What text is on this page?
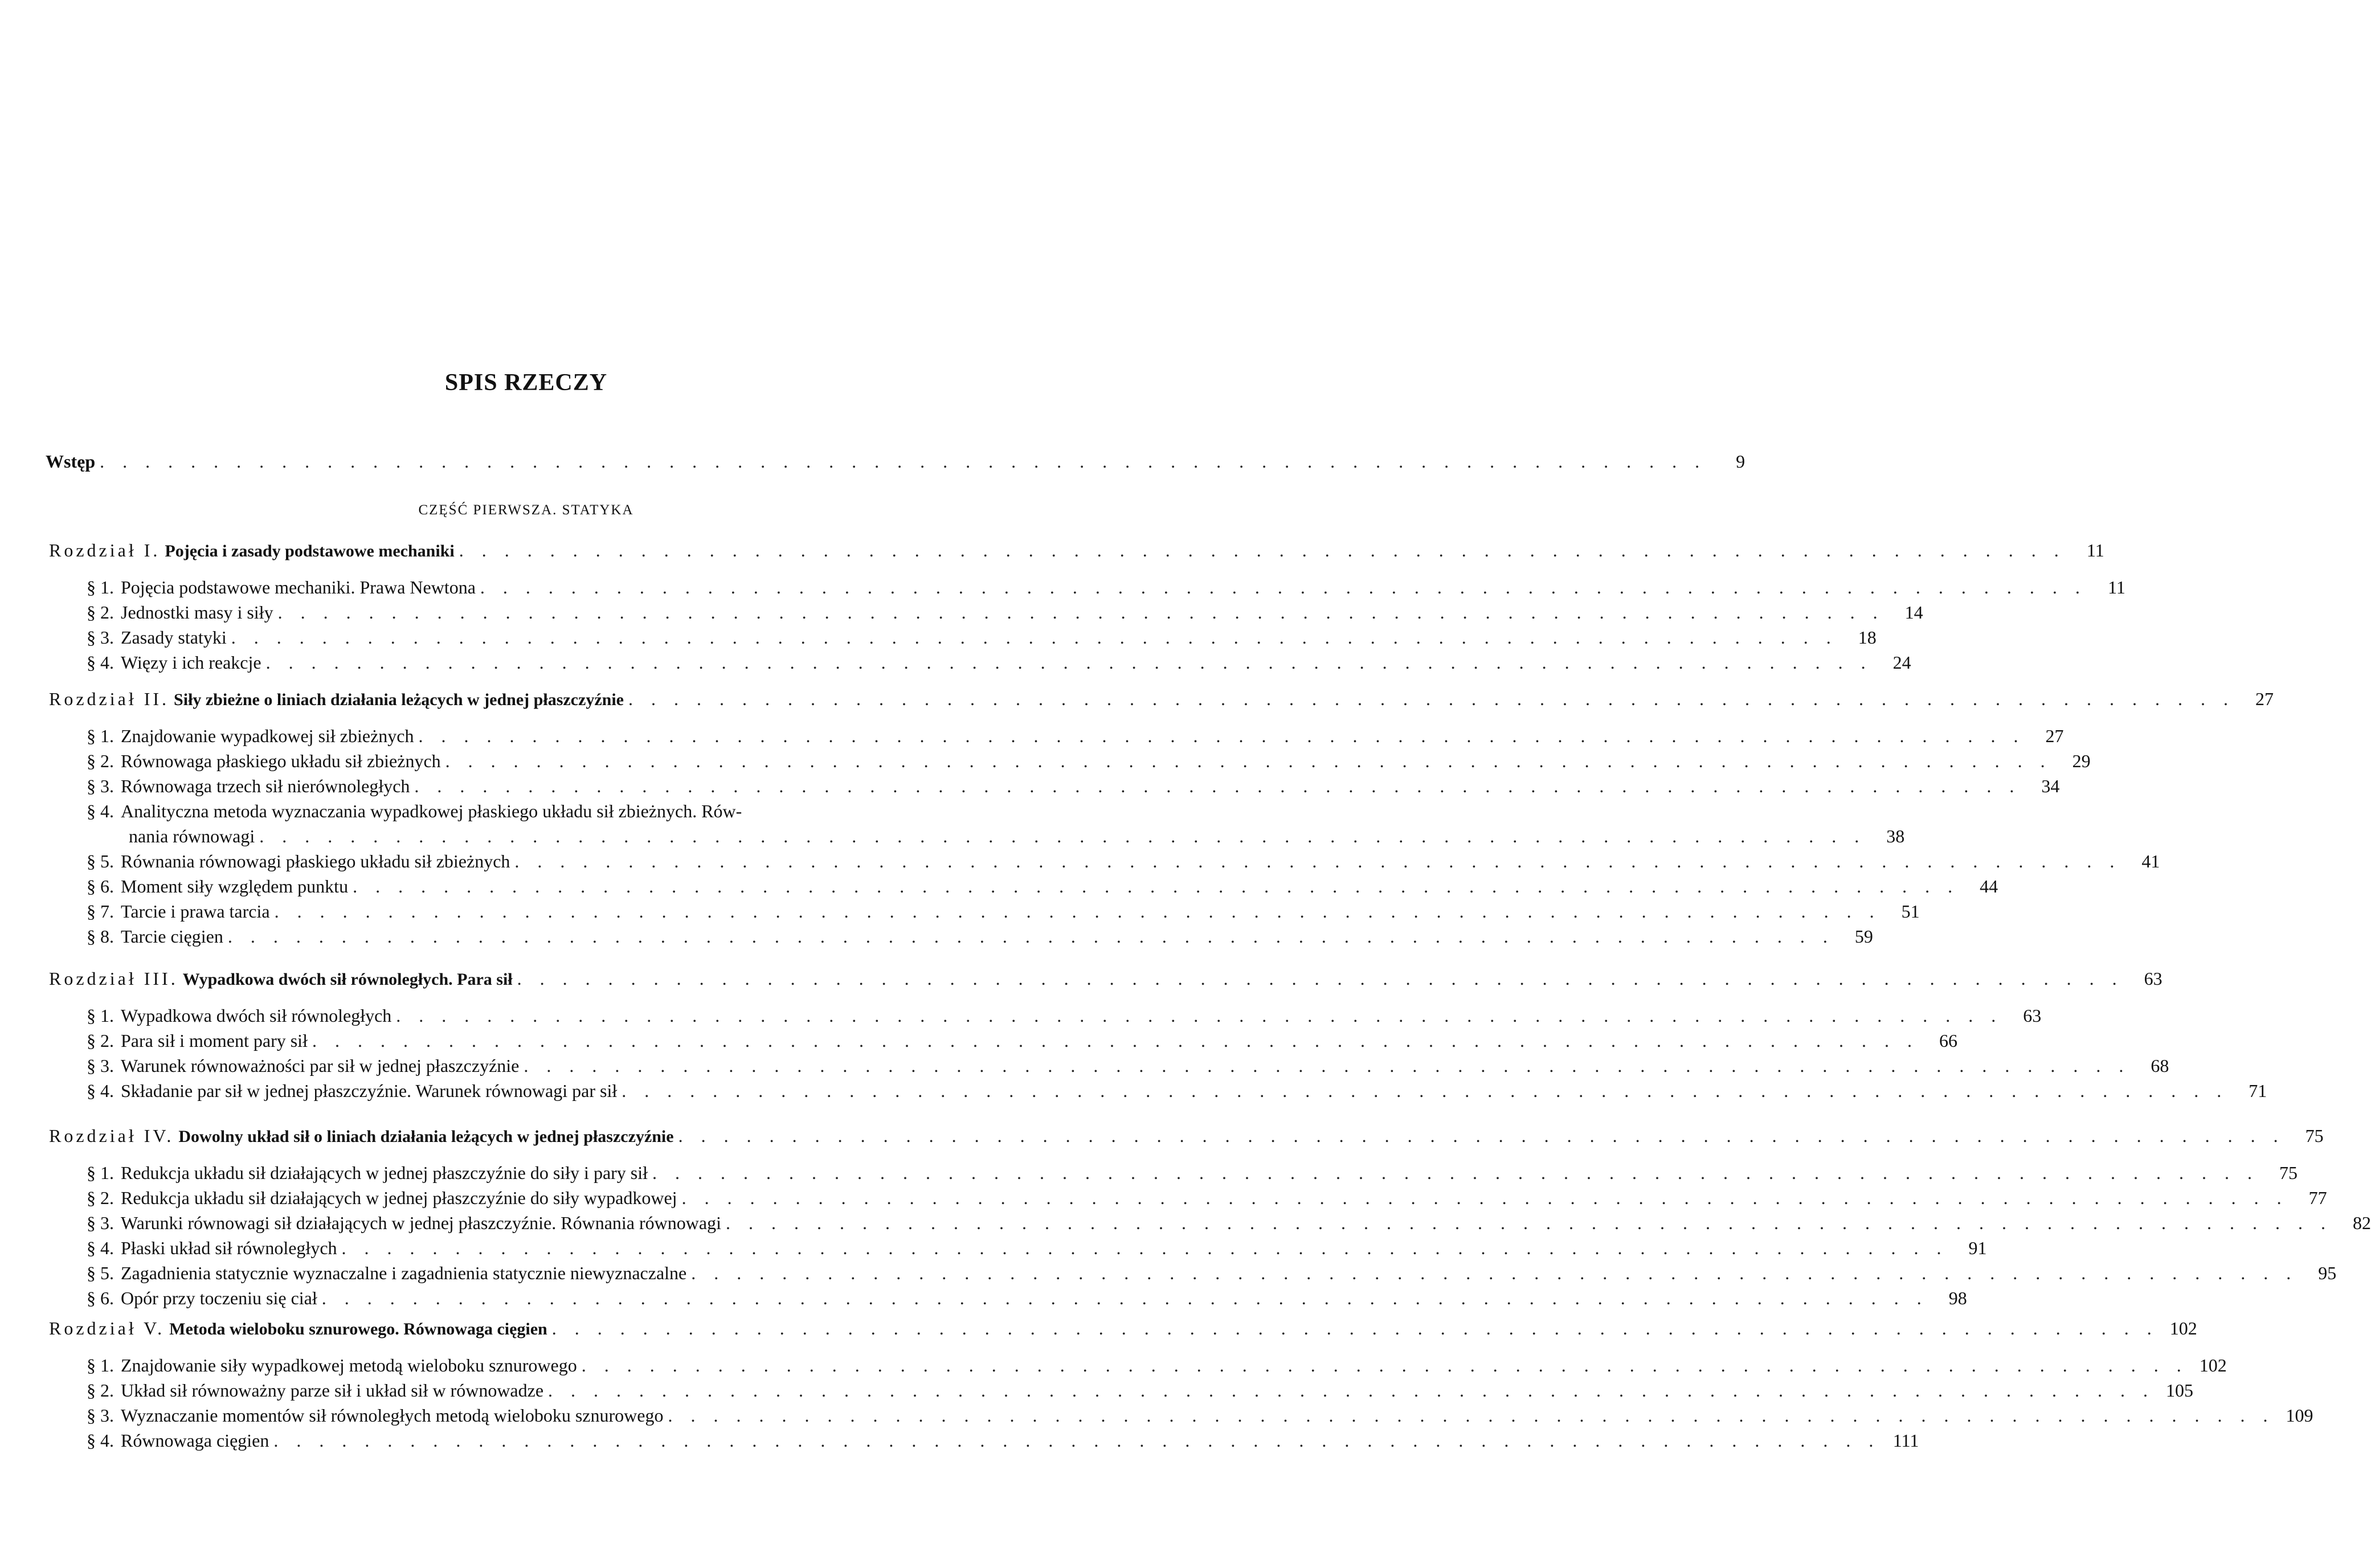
SPIS RZECZY
Wstęp . . . . . . . . . . . . . . . . . . . . . . . . . . . . . . . . . . . . . . . . . . . . . . . . . . . . . . . . . . . . . . . . . . . . . . .	9
CZĘŚĆ PIERWSZA. STATYKA
Rozdział I. Pojęcia i zasady podstawowe mechaniki . . . . . . . . . . . . . . . . . . . . . . . . . . . . . . . . . . . . . . . . . . . . . . . . . . . . . . . . . . . . . . . . . . . . . . .	11
§ 1. Pojęcia podstawowe mechaniki. Prawa Newtona . . . . . . . . . . . . . . . . . . . . . . . . . . . . . . . . . . . . . . . . . . . . . . . . . . . . . . . . . . . . . . . . . . . . . . .	11
§ 2. Jednostki masy i siły . . . . . . . . . . . . . . . . . . . . . . . . . . . . . . . . . . . . . . . . . . . . . . . . . . . . . . . . . . . . . . . . . . . . . . .	14
§ 3. Zasady statyki . . . . . . . . . . . . . . . . . . . . . . . . . . . . . . . . . . . . . . . . . . . . . . . . . . . . . . . . . . . . . . . . . . . . . . .	18
§ 4. Więzy i ich reakcje . . . . . . . . . . . . . . . . . . . . . . . . . . . . . . . . . . . . . . . . . . . . . . . . . . . . . . . . . . . . . . . . . . . . . . .	24
Rozdział II. Siły zbieżne o liniach działania leżących w jednej płaszczyźnie . . . . . . . . . . . . . . . . . . . . . . . . . . . . . . . . . . . . . . . . . . . . . . . . . . . . . . . . . . . . . . . . . . . . . . .	27
§ 1. Znajdowanie wypadkowej sił zbieżnych . . . . . . . . . . . . . . . . . . . . . . . . . . . . . . . . . . . . . . . . . . . . . . . . . . . . . . . . . . . . . . . . . . . . . . .	27
§ 2. Równowaga płaskiego układu sił zbieżnych . . . . . . . . . . . . . . . . . . . . . . . . . . . . . . . . . . . . . . . . . . . . . . . . . . . . . . . . . . . . . . . . . . . . . . .	29
§ 3. Równowaga trzech sił nierównoległych . . . . . . . . . . . . . . . . . . . . . . . . . . . . . . . . . . . . . . . . . . . . . . . . . . . . . . . . . . . . . . . . . . . . . . .	34
§ 4. Analityczna metoda wyznaczania wypadkowej płaskiego układu sił zbieżnych. Rów-
nania równowagi . . . . . . . . . . . . . . . . . . . . . . . . . . . . . . . . . . . . . . . . . . . . . . . . . . . . . . . . . . . . . . . . . . . . . . .	38
§ 5. Równania równowagi płaskiego układu sił zbieżnych . . . . . . . . . . . . . . . . . . . . . . . . . . . . . . . . . . . . . . . . . . . . . . . . . . . . . . . . . . . . . . . . . . . . . . .	41
§ 6. Moment siły względem punktu . . . . . . . . . . . . . . . . . . . . . . . . . . . . . . . . . . . . . . . . . . . . . . . . . . . . . . . . . . . . . . . . . . . . . . .	44
§ 7. Tarcie i prawa tarcia . . . . . . . . . . . . . . . . . . . . . . . . . . . . . . . . . . . . . . . . . . . . . . . . . . . . . . . . . . . . . . . . . . . . . . .	51
§ 8. Tarcie cięgien . . . . . . . . . . . . . . . . . . . . . . . . . . . . . . . . . . . . . . . . . . . . . . . . . . . . . . . . . . . . . . . . . . . . . . .	59
Rozdział III. Wypadkowa dwóch sił równoległych. Para sił . . . . . . . . . . . . . . . . . . . . . . . . . . . . . . . . . . . . . . . . . . . . . . . . . . . . . . . . . . . . . . . . . . . . . . .	63
§ 1. Wypadkowa dwóch sił równoległych . . . . . . . . . . . . . . . . . . . . . . . . . . . . . . . . . . . . . . . . . . . . . . . . . . . . . . . . . . . . . . . . . . . . . . .	63
§ 2. Para sił i moment pary sił . . . . . . . . . . . . . . . . . . . . . . . . . . . . . . . . . . . . . . . . . . . . . . . . . . . . . . . . . . . . . . . . . . . . . . .	66
§ 3. Warunek równoważności par sił w jednej płaszczyźnie . . . . . . . . . . . . . . . . . . . . . . . . . . . . . . . . . . . . . . . . . . . . . . . . . . . . . . . . . . . . . . . . . . . . . . .	68
§ 4. Składanie par sił w jednej płaszczyźnie. Warunek równowagi par sił . . . . . . . . . . . . . . . . . . . . . . . . . . . . . . . . . . . . . . . . . . . . . . . . . . . . . . . . . . . . . . . . . . . . . . .	71
Rozdział IV. Dowolny układ sił o liniach działania leżących w jednej płaszczyźnie . . . . . . . . . . . . . . . . . . . . . . . . . . . . . . . . . . . . . . . . . . . . . . . . . . . . . . . . . . . . . . . . . . . . . . .	75
§ 1. Redukcja układu sił działających w jednej płaszczyźnie do siły i pary sił . . . . . . . . . . . . . . . . . . . . . . . . . . . . . . . . . . . . . . . . . . . . . . . . . . . . . . . . . . . . . . . . . . . . . . .	75
§ 2. Redukcja układu sił działających w jednej płaszczyźnie do siły wypadkowej . . . . . . . . . . . . . . . . . . . . . . . . . . . . . . . . . . . . . . . . . . . . . . . . . . . . . . . . . . . . . . . . . . . . . . .	77
§ 3. Warunki równowagi sił działających w jednej płaszczyźnie. Równania równowagi . . . . . . . . . . . . . . . . . . . . . . . . . . . . . . . . . . . . . . . . . . . . . . . . . . . . . . . . . . . . . . . . . . . . . . .	82
§ 4. Płaski układ sił równoległych . . . . . . . . . . . . . . . . . . . . . . . . . . . . . . . . . . . . . . . . . . . . . . . . . . . . . . . . . . . . . . . . . . . . . . .	91
§ 5. Zagadnienia statycznie wyznaczalne i zagadnienia statycznie niewyznaczalne . . . . . . . . . . . . . . . . . . . . . . . . . . . . . . . . . . . . . . . . . . . . . . . . . . . . . . . . . . . . . . . . . . . . . . .	95
§ 6. Opór przy toczeniu się ciał . . . . . . . . . . . . . . . . . . . . . . . . . . . . . . . . . . . . . . . . . . . . . . . . . . . . . . . . . . . . . . . . . . . . . . .	98
Rozdział V. Metoda wieloboku sznurowego. Równowaga cięgien . . . . . . . . . . . . . . . . . . . . . . . . . . . . . . . . . . . . . . . . . . . . . . . . . . . . . . . . . . . . . . . . . . . . . . . 102
§ 1. Znajdowanie siły wypadkowej metodą wieloboku sznurowego . . . . . . . . . . . . . . . . . . . . . . . . . . . . . . . . . . . . . . . . . . . . . . . . . . . . . . . . . . . . . . . . . . . . . . . 102
§ 2. Układ sił równoważny parze sił i układ sił w równowadze . . . . . . . . . . . . . . . . . . . . . . . . . . . . . . . . . . . . . . . . . . . . . . . . . . . . . . . . . . . . . . . . . . . . . . . 105
§ 3. Wyznaczanie momentów sił równoległych metodą wieloboku sznurowego . . . . . . . . . . . . . . . . . . . . . . . . . . . . . . . . . . . . . . . . . . . . . . . . . . . . . . . . . . . . . . . . . . . . . . . 109
§ 4. Równowaga cięgien . . . . . . . . . . . . . . . . . . . . . . . . . . . . . . . . . . . . . . . . . . . . . . . . . . . . . . . . . . . . . . . . . . . . . . . 111
